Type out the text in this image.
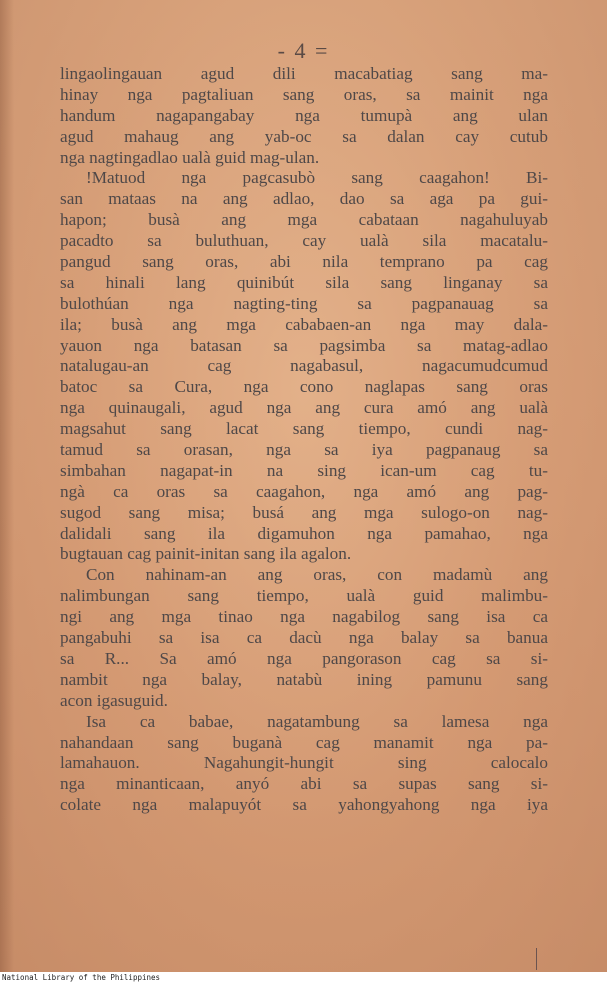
- 4 =
lingaolingauan agud dili macabatiag sang ma-
hinay nga pagtaliuan sang oras, sa mainit nga
handum nagapangabay nga tumupà ang ulan
agud mahaug ang yab-oc sa dalan cay cutub
nga nagtingadlao ualà guid mag-ulan.
!Matuod nga pagcasubò sang caagahon! Bi-
san mataas na ang adlao, dao sa aga pa gui-
hapon; busà ang mga cabataan nagahuluyab
pacadto sa buluthuan, cay ualà sila macatalu-
pangud sang oras, abi nila temprano pa cag
sa hinali lang quinibút sila sang linganay sa
bulothúan nga nagting-ting sa pagpanauag sa
ila; busà ang mga cababaen-an nga may dala-
yauon nga batasan sa pagsimba sa matag-adlao
natalugau-an cag nagabasul, nagacumudcumud
batoc sa Cura, nga cono naglapas sang oras
nga quinaugali, agud nga ang cura amó ang ualà
magsahut sang lacat sang tiempo, cundi nag-
tamud sa orasan, nga sa iya pagpanaug sa
simbahan nagapat-in na sing ican-um cag tu-
ngà ca oras sa caagahon, nga amó ang pag-
sugod sang misa; busá ang mga sulogo-on nag-
dalidali sang ila digamuhon nga pamahao, nga
bugtauan cag painit-initan sang ila agalon.
Con nahinam-an ang oras, con madamù ang
nalimbungan sang tiempo, ualà guid malimbu-
ngi ang mga tinao nga nagabilog sang isa ca
pangabuhi sa isa ca dacù nga balay sa banua
sa R... Sa amó nga pangorason cag sa si-
nambit nga balay, natabù ining pamunu sang
acon igasuguid.
Isa ca babae, nagatambung sa lamesa nga
nahandaan sang buganà cag manamit nga pa-
lamahauon. Nagahungit-hungit sing calocalo
nga minanticaan, anyó abi sa supas sang si-
colate nga malapuyót sa yahongyahong nga iya
National Library of the Philippines
